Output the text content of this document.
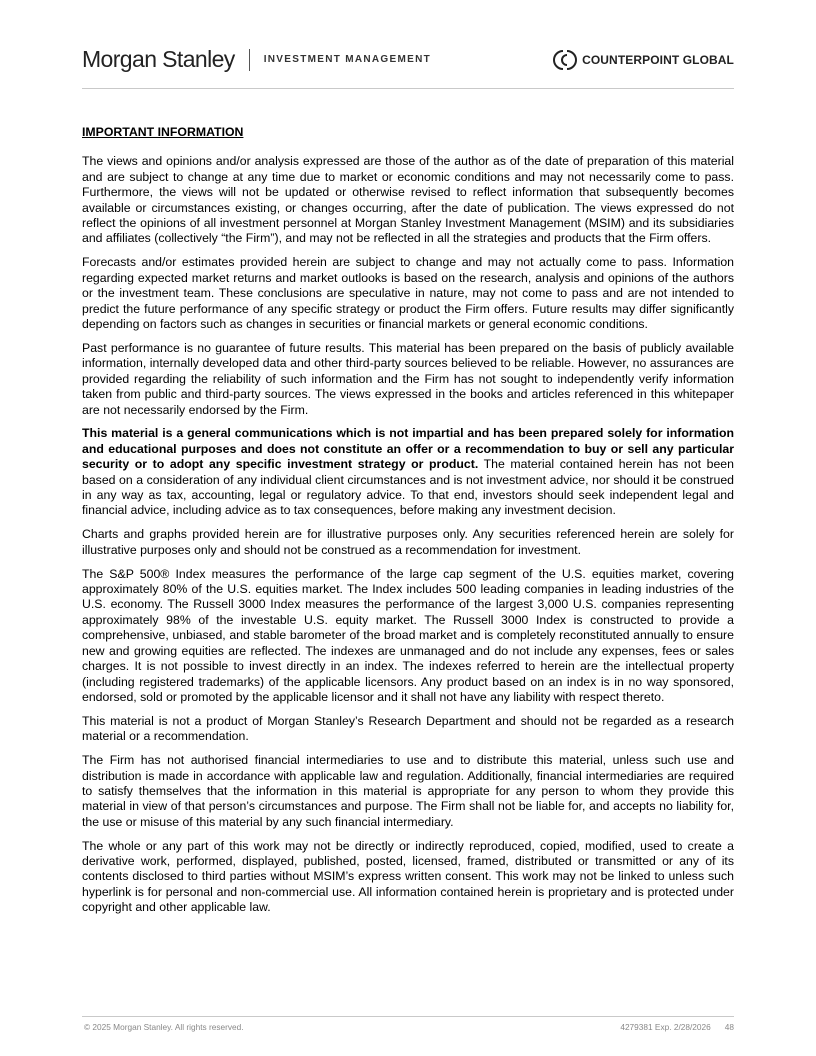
Morgan Stanley	INVESTMENT MANAGEMENT	COUNTERPOINT GLOBAL
IMPORTANT INFORMATION

The views and opinions and/or analysis expressed are those of the author as of the date of preparation of this material and are subject to change at any time due to market or economic conditions and may not necessarily come to pass. Furthermore, the views will not be updated or otherwise revised to reflect information that subsequently becomes available or circumstances existing, or changes occurring, after the date of publication. The views expressed do not reflect the opinions of all investment personnel at Morgan Stanley Investment Management (MSIM) and its subsidiaries and affiliates (collectively “the Firm”), and may not be reflected in all the strategies and products that the Firm offers.

Forecasts and/or estimates provided herein are subject to change and may not actually come to pass. Information regarding expected market returns and market outlooks is based on the research, analysis and opinions of the authors or the investment team. These conclusions are speculative in nature, may not come to pass and are not intended to predict the future performance of any specific strategy or product the Firm offers. Future results may differ significantly depending on factors such as changes in securities or financial markets or general economic conditions.

Past performance is no guarantee of future results. This material has been prepared on the basis of publicly available information, internally developed data and other third-party sources believed to be reliable. However, no assurances are provided regarding the reliability of such information and the Firm has not sought to independently verify information taken from public and third-party sources. The views expressed in the books and articles referenced in this whitepaper are not necessarily endorsed by the Firm.

This material is a general communications which is not impartial and has been prepared solely for information and educational purposes and does not constitute an offer or a recommendation to buy or sell any particular security or to adopt any specific investment strategy or product. The material contained herein has not been based on a consideration of any individual client circumstances and is not investment advice, nor should it be construed in any way as tax, accounting, legal or regulatory advice. To that end, investors should seek independent legal and financial advice, including advice as to tax consequences, before making any investment decision.

Charts and graphs provided herein are for illustrative purposes only. Any securities referenced herein are solely for illustrative purposes only and should not be construed as a recommendation for investment.

The S&P 500® Index measures the performance of the large cap segment of the U.S. equities market, covering approximately 80% of the U.S. equities market. The Index includes 500 leading companies in leading industries of the U.S. economy. The Russell 3000 Index measures the performance of the largest 3,000 U.S. companies representing approximately 98% of the investable U.S. equity market. The Russell 3000 Index is constructed to provide a comprehensive, unbiased, and stable barometer of the broad market and is completely reconstituted annually to ensure new and growing equities are reflected. The indexes are unmanaged and do not include any expenses, fees or sales charges. It is not possible to invest directly in an index. The indexes referred to herein are the intellectual property (including registered trademarks) of the applicable licensors. Any product based on an index is in no way sponsored, endorsed, sold or promoted by the applicable licensor and it shall not have any liability with respect thereto.

This material is not a product of Morgan Stanley’s Research Department and should not be regarded as a research material or a recommendation.

The Firm has not authorised financial intermediaries to use and to distribute this material, unless such use and distribution is made in accordance with applicable law and regulation. Additionally, financial intermediaries are required to satisfy themselves that the information in this material is appropriate for any person to whom they provide this material in view of that person’s circumstances and purpose. The Firm shall not be liable for, and accepts no liability for, the use or misuse of this material by any such financial intermediary.

The whole or any part of this work may not be directly or indirectly reproduced, copied, modified, used to create a derivative work, performed, displayed, published, posted, licensed, framed, distributed or transmitted or any of its contents disclosed to third parties without MSIM’s express written consent. This work may not be linked to unless such hyperlink is for personal and non-commercial use. All information contained herein is proprietary and is protected under copyright and other applicable law.

© 2025 Morgan Stanley. All rights reserved.	4279381 Exp. 2/28/2026 48
